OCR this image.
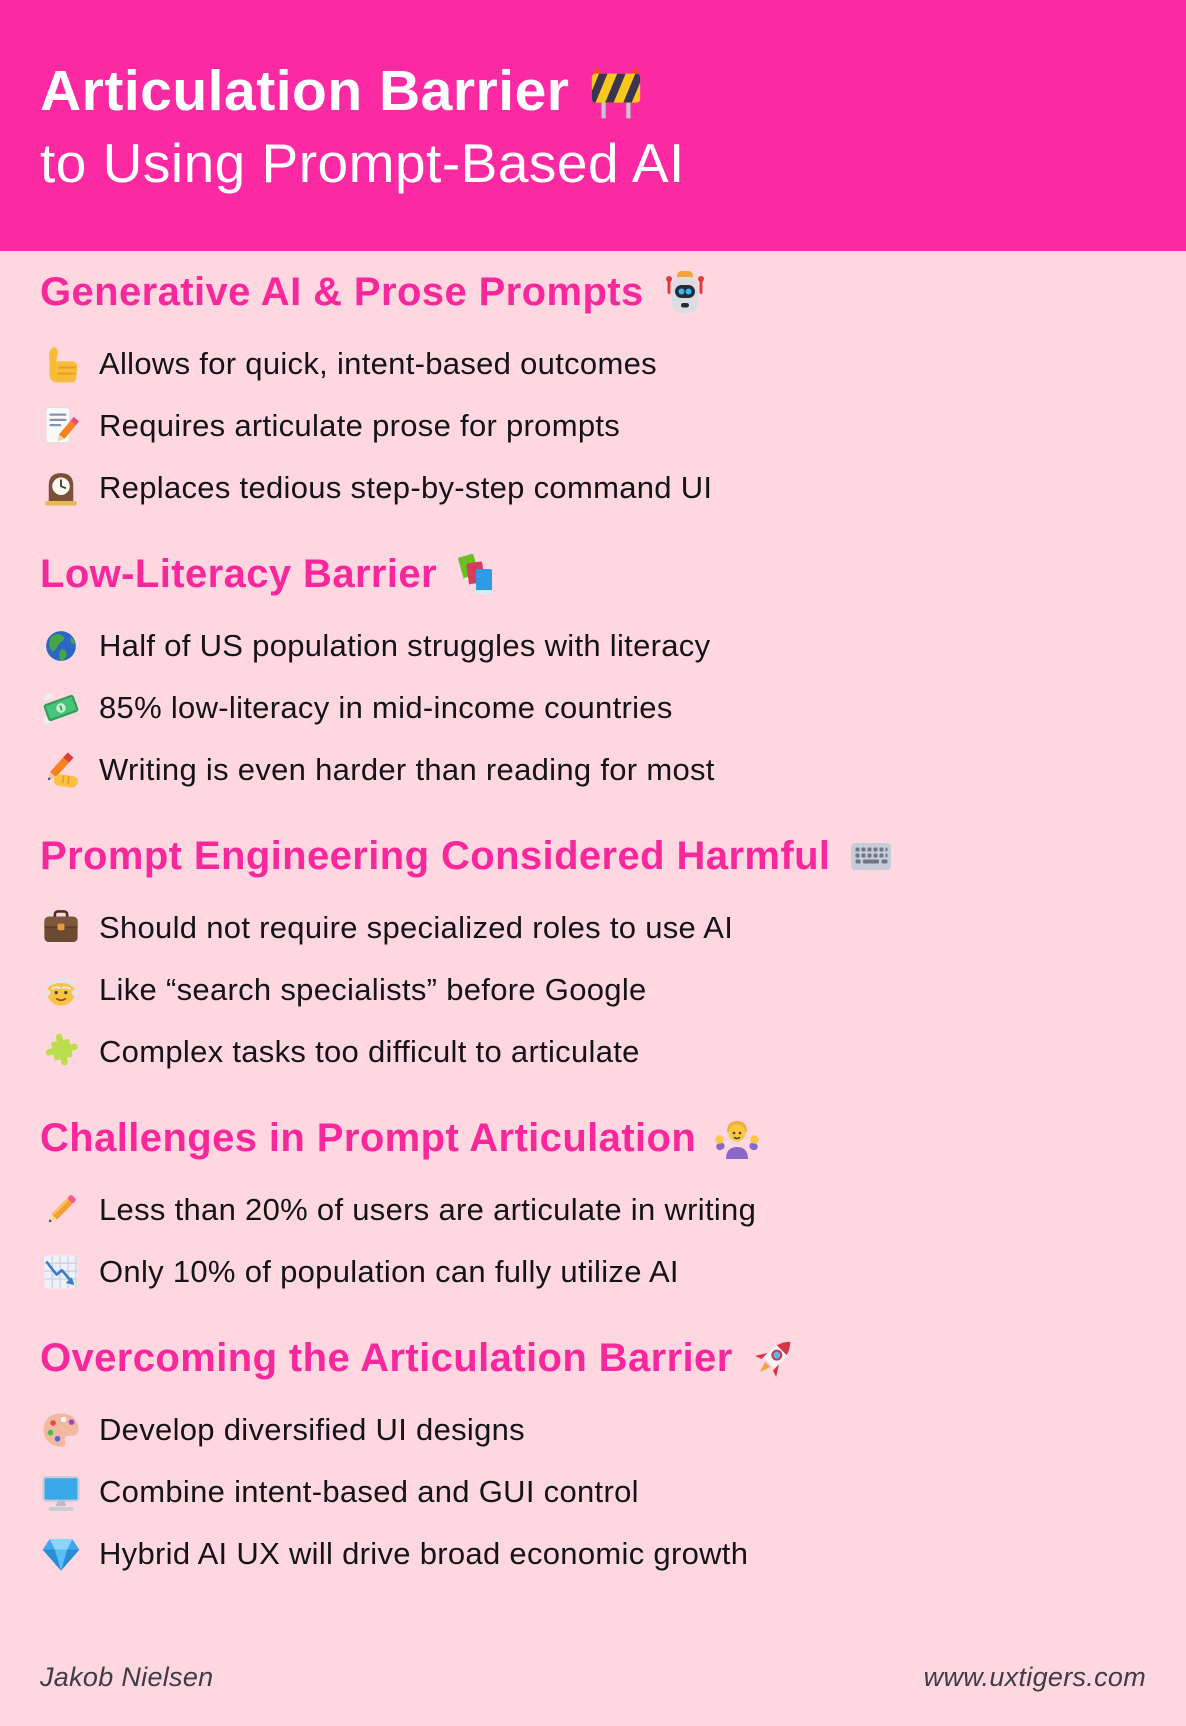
Articulation Barrier
to Using Prompt-Based AI
Generative AI & Prose Prompts
Allows for quick, intent-based outcomes
Requires articulate prose for prompts
Replaces tedious step-by-step command UI
Low-Literacy Barrier
Half of US population struggles with literacy
85% low-literacy in mid-income countries
Writing is even harder than reading for most
Prompt Engineering Considered Harmful
Should not require specialized roles to use AI
Like “search specialists” before Google
Complex tasks too difficult to articulate
Challenges in Prompt Articulation
Less than 20% of users are articulate in writing
Only 10% of population can fully utilize AI
Overcoming the Articulation Barrier
Develop diversified UI designs
Combine intent-based and GUI control
Hybrid AI UX will drive broad economic growth
Jakob Nielsen	www.uxtigers.com
